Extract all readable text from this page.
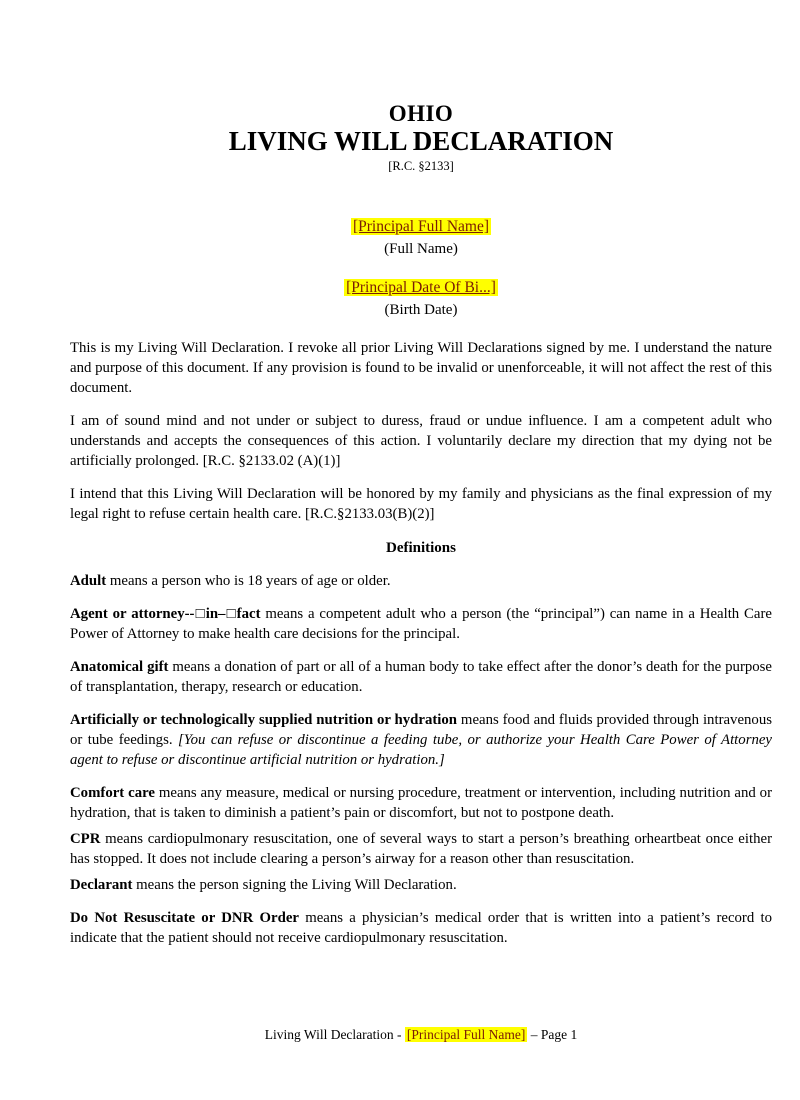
OHIO
LIVING WILL DECLARATION
[R.C. §2133]
[Principal Full Name]
(Full Name)
[Principal Date Of Bi...]
(Birth Date)

This is my Living Will Declaration. I revoke all prior Living Will Declarations signed by me. I understand the nature and purpose of this document. If any provision is found to be invalid or unenforceable, it will not affect the rest of this document.

I am of sound mind and not under or subject to duress, fraud or undue influence. I am a competent adult who understands and accepts the consequences of this action. I voluntarily declare my direction that my dying not be artificially prolonged. [R.C. §2133.02 (A)(1)]

I intend that this Living Will Declaration will be honored by my family and physicians as the final expression of my legal right to refuse certain health care. [R.C.§2133.03(B)(2)]

Definitions

Adult means a person who is 18 years of age or older.

Agent or attorney--□in–□fact means a competent adult who a person (the “principal”) can name in a Health Care Power of Attorney to make health care decisions for the principal.

Anatomical gift means a donation of part or all of a human body to take effect after the donor’s death for the purpose of transplantation, therapy, research or education.

Artificially or technologically supplied nutrition or hydration means food and fluids provided through intravenous or tube feedings. [You can refuse or discontinue a feeding tube, or authorize your Health Care Power of Attorney agent to refuse or discontinue artificial nutrition or hydration.]

Comfort care means any measure, medical or nursing procedure, treatment or intervention, including nutrition and or hydration, that is taken to diminish a patient’s pain or discomfort, but not to postpone death.

CPR means cardiopulmonary resuscitation, one of several ways to start a person’s breathing orheartbeat once either has stopped. It does not include clearing a person’s airway for a reason other than resuscitation.

Declarant means the person signing the Living Will Declaration.

Do Not Resuscitate or DNR Order means a physician’s medical order that is written into a patient’s record to indicate that the patient should not receive cardiopulmonary resuscitation.

Living Will Declaration - [Principal Full Name] – Page 1
